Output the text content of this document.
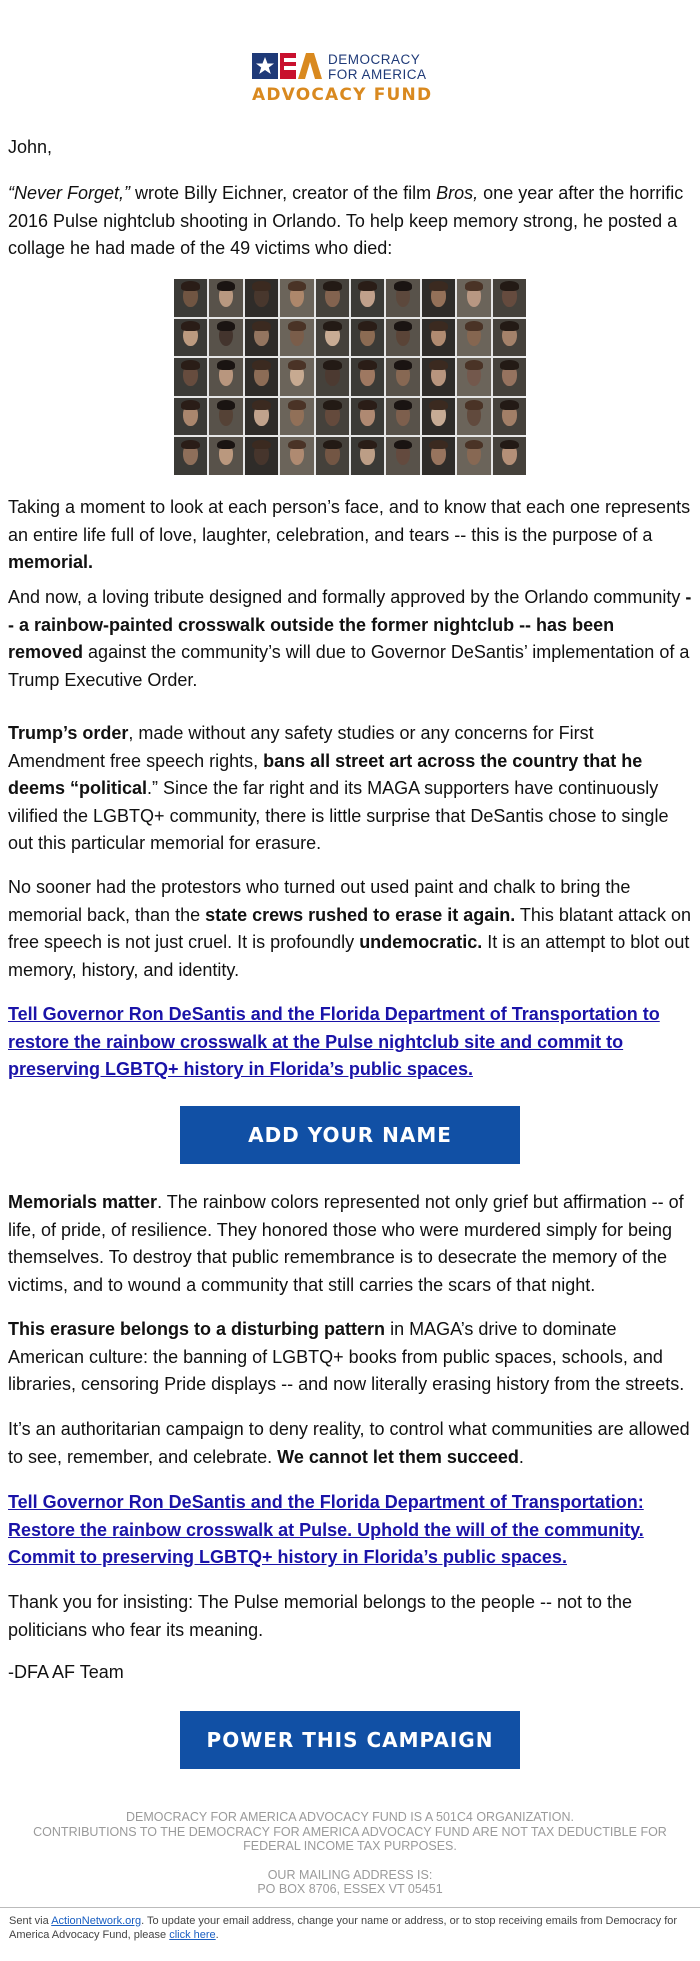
DEMOCRACY
FOR AMERICA
ADVOCACY FUND

John,

“Never Forget,” wrote Billy Eichner, creator of the film Bros, one year after the horrific 2016 Pulse nightclub shooting in Orlando. To help keep memory strong, he posted a collage he had made of the 49 victims who died:

Taking a moment to look at each person’s face, and to know that each one represents an entire life full of love, laughter, celebration, and tears -- this is the purpose of a memorial.

And now, a loving tribute designed and formally approved by the Orlando community -- a rainbow-painted crosswalk outside the former nightclub -- has been removed against the community’s will due to Governor DeSantis’ implementation of a Trump Executive Order.

Trump’s order, made without any safety studies or any concerns for First Amendment free speech rights, bans all street art across the country that he deems “political.” Since the far right and its MAGA supporters have continuously vilified the LGBTQ+ community, there is little surprise that DeSantis chose to single out this particular memorial for erasure.

No sooner had the protestors who turned out used paint and chalk to bring the memorial back, than the state crews rushed to erase it again. This blatant attack on free speech is not just cruel. It is profoundly undemocratic. It is an attempt to blot out memory, history, and identity.

Tell Governor Ron DeSantis and the Florida Department of Transportation to restore the rainbow crosswalk at the Pulse nightclub site and commit to preserving LGBTQ+ history in Florida’s public spaces.

ADD YOUR NAME

Memorials matter. The rainbow colors represented not only grief but affirmation -- of life, of pride, of resilience. They honored those who were murdered simply for being themselves. To destroy that public remembrance is to desecrate the memory of the victims, and to wound a community that still carries the scars of that night.

This erasure belongs to a disturbing pattern in MAGA’s drive to dominate American culture: the banning of LGBTQ+ books from public spaces, schools, and libraries, censoring Pride displays -- and now literally erasing history from the streets.

It’s an authoritarian campaign to deny reality, to control what communities are allowed to see, remember, and celebrate. We cannot let them succeed.

Tell Governor Ron DeSantis and the Florida Department of Transportation: Restore the rainbow crosswalk at Pulse. Uphold the will of the community. Commit to preserving LGBTQ+ history in Florida’s public spaces.

Thank you for insisting: The Pulse memorial belongs to the people -- not to the politicians who fear its meaning.

-DFA AF Team

POWER THIS CAMPAIGN
DEMOCRACY FOR AMERICA ADVOCACY FUND IS A 501C4 ORGANIZATION.
CONTRIBUTIONS TO THE DEMOCRACY FOR AMERICA ADVOCACY FUND ARE NOT TAX DEDUCTIBLE FOR FEDERAL INCOME TAX PURPOSES.
OUR MAILING ADDRESS IS:
PO BOX 8706, ESSEX VT 05451
Sent via ActionNetwork.org. To update your email address, change your name or address, or to stop receiving emails from Democracy for America Advocacy Fund, please click here.
